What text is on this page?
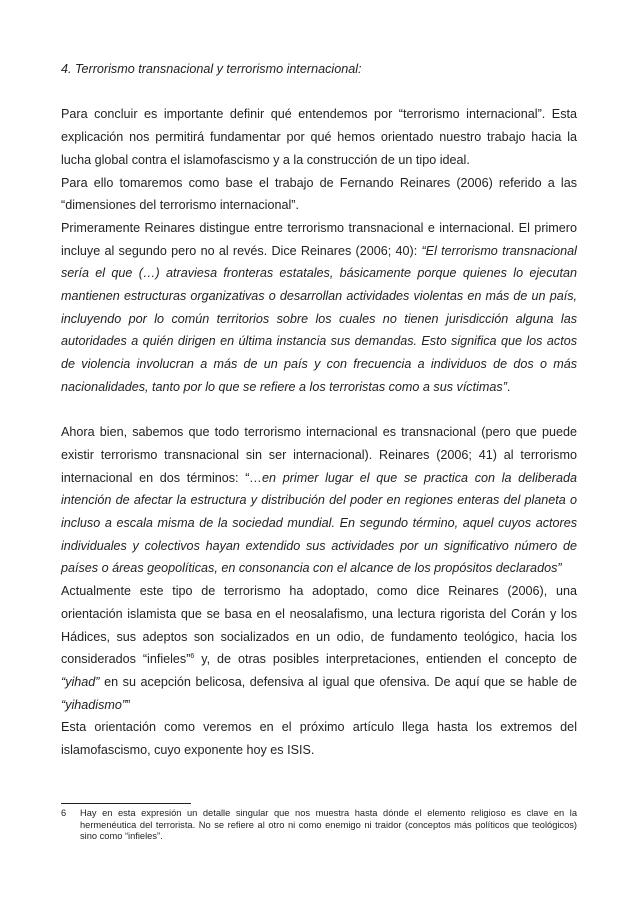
4. Terrorismo transnacional y terrorismo internacional:

Para concluir es importante definir qué entendemos por “terrorismo internacional”. Esta explicación nos permitirá fundamentar por qué hemos orientado nuestro trabajo hacia la lucha global contra el islamofascismo y a la construcción de un tipo ideal.

Para ello tomaremos como base el trabajo de Fernando Reinares (2006) referido a las “dimensiones del terrorismo internacional”.

Primeramente Reinares distingue entre terrorismo transnacional e internacional. El primero incluye al segundo pero no al revés. Dice Reinares (2006; 40): “El terrorismo transnacional sería el que (…) atraviesa fronteras estatales, básicamente porque quienes lo ejecutan mantienen estructuras organizativas o desarrollan actividades violentas en más de un país, incluyendo por lo común territorios sobre los cuales no tienen jurisdicción alguna las autoridades a quién dirigen en última instancia sus demandas. Esto significa que los actos de violencia involucran a más de un país y con frecuencia a individuos de dos o más nacionalidades, tanto por lo que se refiere a los terroristas como a sus víctimas”.

Ahora bien, sabemos que todo terrorismo internacional es transnacional (pero que puede existir terrorismo transnacional sin ser internacional). Reinares (2006; 41) al terrorismo internacional en dos términos: “…en primer lugar el que se practica con la deliberada intención de afectar la estructura y distribución del poder en regiones enteras del planeta o incluso a escala misma de la sociedad mundial. En segundo término, aquel cuyos actores individuales y colectivos hayan extendido sus actividades por un significativo número de países o áreas geopolíticas, en consonancia con el alcance de los propósitos declarados”

Actualmente este tipo de terrorismo ha adoptado, como dice Reinares (2006), una orientación islamista que se basa en el neosalafismo, una lectura rigorista del Corán y los Hádices, sus adeptos son socializados en un odio, de fundamento teológico, hacia los considerados “infieles”$^6$ y, de otras posibles interpretaciones, entienden el concepto de “yihad” en su acepción belicosa, defensiva al igual que ofensiva. De aquí que se hable de “yihadismo””

Esta orientación como veremos en el próximo artículo llega hasta los extremos del islamofascismo, cuyo exponente hoy es ISIS.

6	Hay en esta expresión un detalle singular que nos muestra hasta dónde el elemento religioso es clave en la hermenéutica del terrorista. No se refiere al otro ni como enemigo ni traidor (conceptos más políticos que teológicos) sino como “infieles”.
